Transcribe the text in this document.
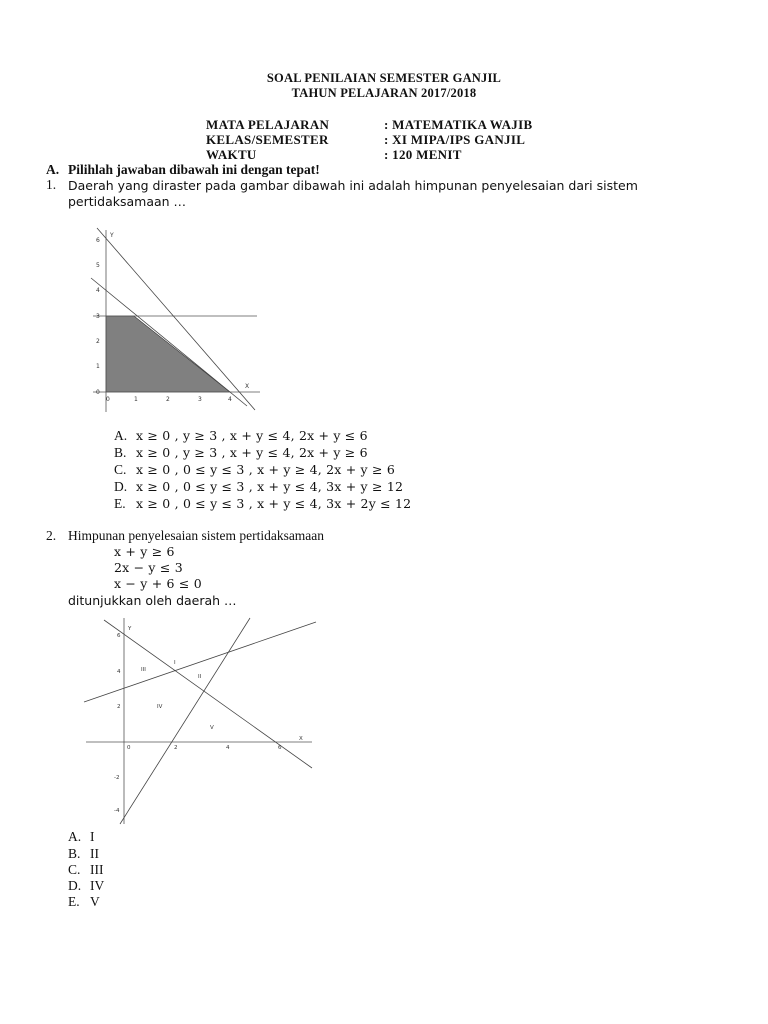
SOAL PENILAIAN SEMESTER GANJIL
TAHUN PELAJARAN 2017/2018
MATA PELAJARAN	: MATEMATIKA WAJIB
KELAS/SEMESTER	: XI MIPA/IPS GANJIL
WAKTU	: 120 MENIT
A. Pilihlah jawaban dibawah ini dengan tepat!
1. Daerah yang diraster pada gambar dibawah ini adalah himpunan penyelesaian dari sistem
pertidaksamaan …
0
1
2
3
4
5
6
0	1	2	3	4
Y
X
A. x ≥ 0 , y ≥ 3 , x + y ≤ 4, 2x + y ≤ 6
B. x ≥ 0 , y ≥ 3 , x + y ≤ 4, 2x + y ≥ 6
C. x ≥ 0 , 0 ≤ y ≤ 3 , x + y ≥ 4, 2x + y ≥ 6
D. x ≥ 0 , 0 ≤ y ≤ 3 , x + y ≤ 4, 3x + y ≥ 12
E. x ≥ 0 , 0 ≤ y ≤ 3 , x + y ≤ 4, 3x + 2y ≤ 12
2. Himpunan penyelesaian sistem pertidaksamaan
x + y ≥ 6
2x − y ≤ 3
x − y + 6 ≤ 0
ditunjukkan oleh daerah …
-4
-2
0
2
4
6
2	4	6
Y
X
I
II
III
IV
V
A. I
B. II
C. III
D. IV
E. V
